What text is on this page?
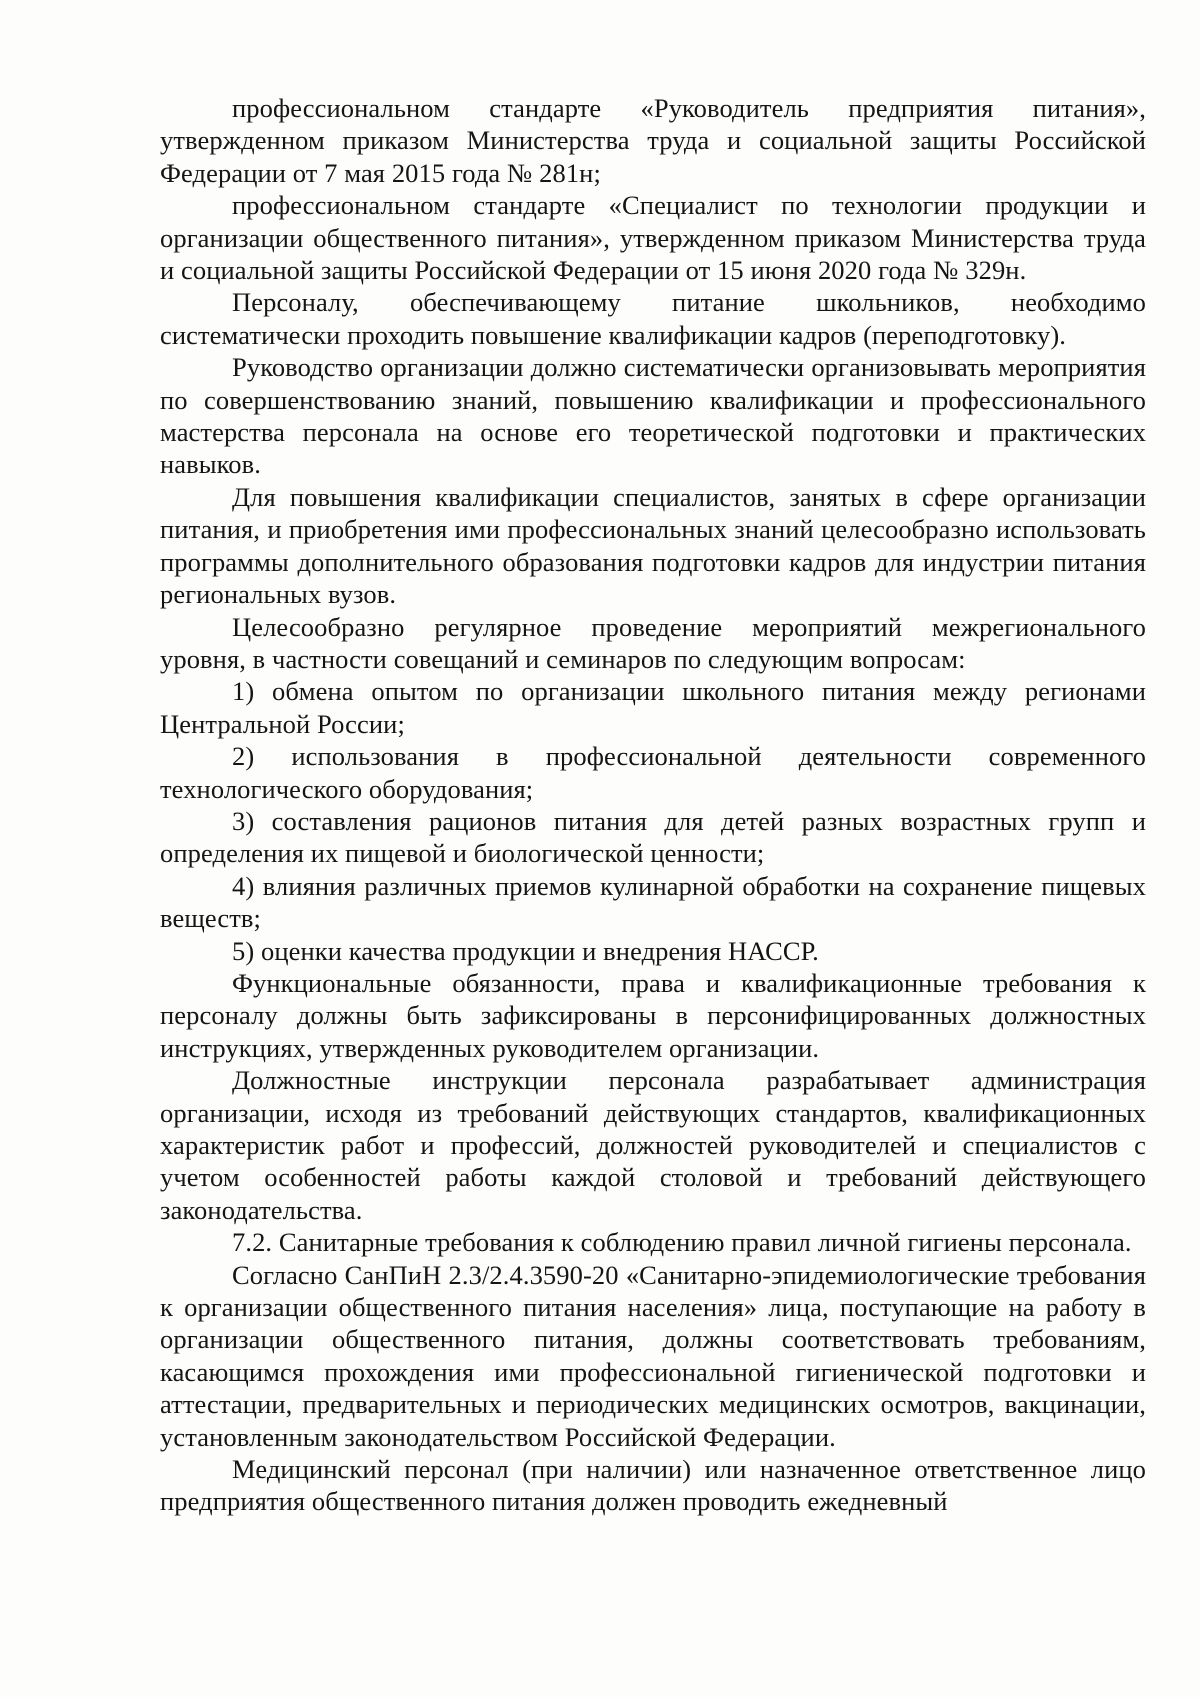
профессиональном стандарте «Руководитель предприятия питания», утвержденном приказом Министерства труда и социальной защиты Российской Федерации от 7 мая 2015 года № 281н;

профессиональном стандарте «Специалист по технологии продукции и организации общественного питания», утвержденном приказом Министерства труда и социальной защиты Российской Федерации от 15 июня 2020 года № 329н.

Персоналу, обеспечивающему питание школьников, необходимо систематически проходить повышение квалификации кадров (переподготовку).

Руководство организации должно систематически организовывать мероприятия по совершенствованию знаний, повышению квалификации и профессионального мастерства персонала на основе его теоретической подготовки и практических навыков.

Для повышения квалификации специалистов, занятых в сфере организации питания, и приобретения ими профессиональных знаний целесообразно использовать программы дополнительного образования подготовки кадров для индустрии питания региональных вузов.

Целесообразно регулярное проведение мероприятий межрегионального уровня, в частности совещаний и семинаров по следующим вопросам:

1) обмена опытом по организации школьного питания между регионами Центральной России;

2) использования в профессиональной деятельности современного технологического оборудования;

3) составления рационов питания для детей разных возрастных групп и определения их пищевой и биологической ценности;

4) влияния различных приемов кулинарной обработки на сохранение пищевых веществ;

5) оценки качества продукции и внедрения НАССР.

Функциональные обязанности, права и квалификационные требования к персоналу должны быть зафиксированы в персонифицированных должностных инструкциях, утвержденных руководителем организации.

Должностные инструкции персонала разрабатывает администрация организации, исходя из требований действующих стандартов, квалификационных характеристик работ и профессий, должностей руководителей и специалистов с учетом особенностей работы каждой столовой и требований действующего законодательства.

7.2. Санитарные требования к соблюдению правил личной гигиены персонала.

Согласно СанПиН 2.3/2.4.3590-20 «Санитарно-эпидемиологические требования к организации общественного питания населения» лица, поступающие на работу в организации общественного питания, должны соответствовать требованиям, касающимся прохождения ими профессиональной гигиенической подготовки и аттестации, предварительных и периодических медицинских осмотров, вакцинации, установленным законодательством Российской Федерации.

Медицинский персонал (при наличии) или назначенное ответственное лицо предприятия общественного питания должен проводить ежедневный
